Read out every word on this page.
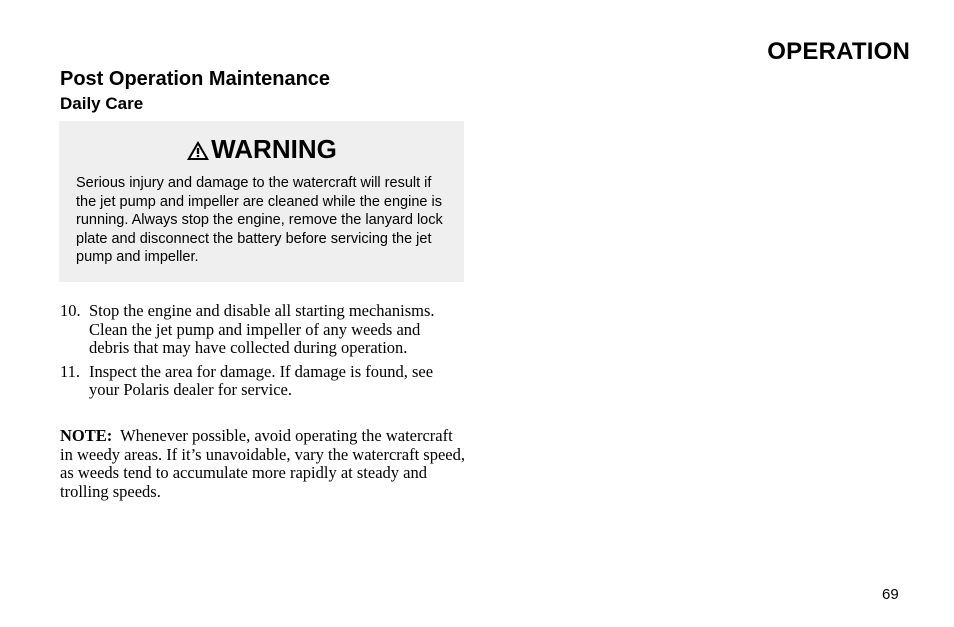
OPERATION
Post Operation Maintenance
Daily Care
WARNING
Serious injury and damage to the watercraft will result if the jet pump and impeller are cleaned while the engine is running. Always stop the engine, remove the lanyard lock plate and disconnect the battery before servicing the jet pump and impeller.
10. Stop the engine and disable all starting mechanisms. Clean the jet pump and impeller of any weeds and debris that may have collected during operation.
11. Inspect the area for damage. If damage is found, see your Polaris dealer for service.
NOTE: Whenever possible, avoid operating the watercraft in weedy areas. If it’s unavoidable, vary the watercraft speed, as weeds tend to accumulate more rapidly at steady and trolling speeds.
69
